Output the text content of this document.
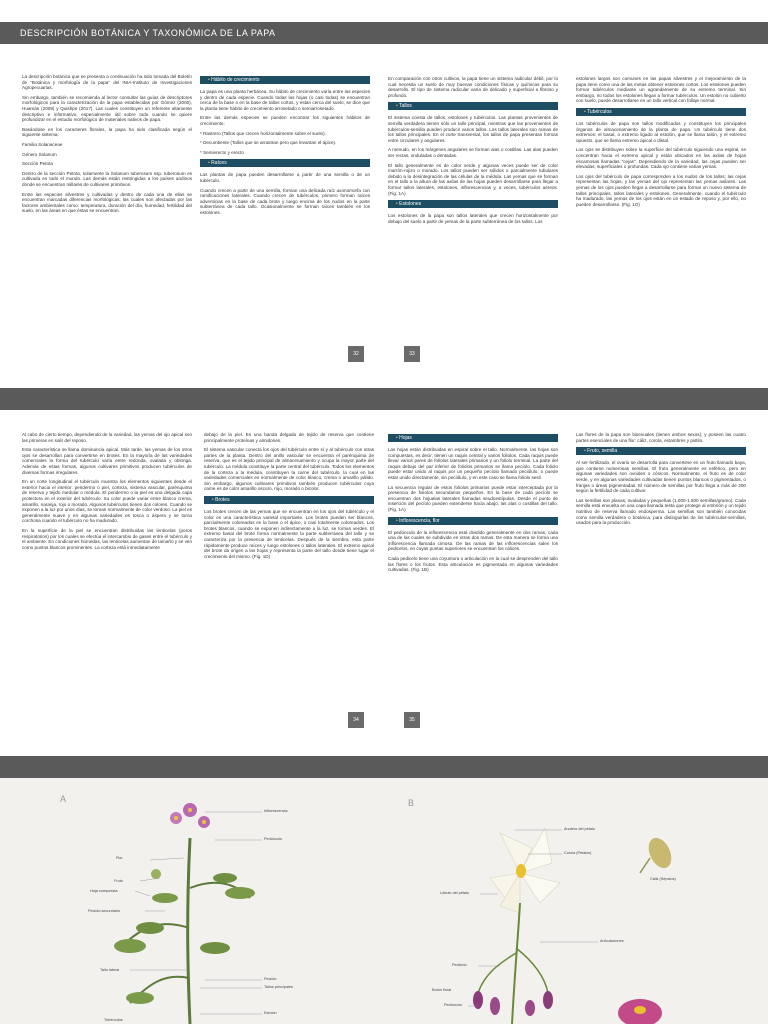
DESCRIPCIÓN BOTÁNICA Y TAXONÓMICA DE LA PAPA

La descripción botánica que se presenta a continuación ha sido tomada del Boletín de "Botánica y morfología de la papa" del INIA-Instituto de Investigaciones Agropecuarias.

Sin embargo, también se recomienda al lector consultar las guías de descriptores morfológicos para la caracterización de la papa establecidas por Gómez (2000), Huamán (2008) y Quishpe (2017). Las cuales constituyen un referente altamente descriptivo e informativo, especialmente útil sobre todo cuando se quiere profundizar en el estudio morfológico de materiales nativos de papa.

Basándose en los caracteres florales, la papa ha sido clasificada según el siguiente sistema:

Familia Solanaceae

Género Solanum

Sección Petota

Dentro de la sección Petota, solamente la Solanum tuberosum ssp. tuberosum es cultivada en todo el mundo. Las demás están restringidas a los países andinos donde se encuentran millares de cultivares primitivos.

Entre las especies silvestres y cultivadas y dentro de cada una de ellas se encuentran marcadas diferencias morfológicas, las cuales son afectadas por las factores ambientales como: temperatura, duración del día, humedad, fertilidad del suelo, en las áreas en que éstas se encuentran.

• Hábito de crecimiento

La papa es una planta herbácea. Su hábito de crecimiento varía entre las especies y dentro de cada especie. Cuando todas las hojas (o casi todas) se encuentran cerca de la base o en la base de tallos cortos, y están cerca del suelo, se dice que la planta tiene hábito de crecimiento arrosetado o semiarrosetado.

Entre las demás especies se pueden encontrar los siguientes hábitos de crecimiento:

* Rastrero (Tallos que crecen horizontalmente sobre el suelo).

* Decumbente (Tallos que se arrastran pero que levantan el ápice).

* Semierecto y erecto

• Raíces

Las plantas de papa pueden desarrollarse a partir de una semilla o de un tubérculo.

Cuando crecen a partir de una semilla, forman una delicada raíz axonomorfa con ramificaciones laterales. Cuando crecen de tubérculos, primero forman raíces adventicias en la base de cada brote y luego encima de los nudos en la parte subterránea de cada tallo. Ocasionalmente se forman raíces también en los estolones.

En comparación con otros cultivos, la papa tiene un sistema radicular débil, por lo cual necesita un suelo de muy buenas condiciones físicas y químicas para su desarrollo. El tipo de sistema radicular varía de delicado y superficial a fibroso y profundo.

• Tallos

El sistema consta de tallos, estolones y tubérculos. Las plantas provenientes de semilla verdadera tienen sólo un tallo principal, mientras que las provenientes de tubérculos-semilla pueden producir varios tallos. Los tallos laterales son ramas de los tallos principales. En el corte transversal, los tallos de papa presentan formas entre circulares y angulares.

A menudo, en los márgenes angulares se forman alas o costillas. Las alas pueden ser rectas, onduladas o dentadas.

El tallo generalmente es de color verde y algunas veces puede ser de color marrón-rojizo o morado. Los tallos pueden ser sólidos o parcialmente tubulares debido a la desintegración de las células de la médula. Las yemas que se forman en el tallo a la altura de las axilas de las hojas pueden desarrollarse para llegar a formar tallos laterales, estolones, inflorescencias y, a veces, tubérculos aéreos. (Fig. 1A)

• Estolones

Los estolones de la papa son tallos laterales que crecen horizontalmente por debajo del suelo a partir de yemas de la parte subterránea de los tallos. Los

estolones largos son comunes en las papas silvestres y el mejoramiento de la papa tiene como una de las metas obtener estolones cortos. Los estolones pueden formar tubérculos mediante un agrandamiento de su extremo terminal. Sin embargo, no todos los estolones llegan a formar tubérculos. Un estolón no cubierto con suelo, puede desarrollarse en un tallo vertical con follaje normal.

• Tubérculos

Los tubérculos de papa son tallos modificados y constituyen los principales órganos de almacenamiento de la planta de papa. Un tubérculo tiene dos extremos: el basal, o extremo ligado al estolón, que se llama talón, y el extremo opuesto, que se llama extremo apical o distal.

Los ojos se distribuyen sobre la superficie del tubérculo siguiendo una espiral, se concentran hacia el extremo apical y están ubicados en las axilas de hojas escamosas llamadas "cejas". Dependiendo de la variedad, las cejas pueden ser elevadas, superficiales o profundas. Cada ojo contiene varias yemas.

Los ojos del tubérculo de papa corresponden a los nudos de los tallos; las cejas representan las hojas, y las yemas del ojo representan las yemas axilares. Las yemas de los ojos pueden llegar a desarrollarse para formar un nuevo sistema de tallos principales, tallos laterales y estolones. Generalmente, cuando el tubérculo ha madurado, las yemas de los ojos están en un estado de reposo y, por ello, no pueden desarrollarse. (Fig. 1O)

32	33

Al cabo de cierto tiempo, dependiendo de la variedad, las yemas del ojo apical son las primeras en salir del reposo.

Esta característica se llama dominancia apical. Más tarde, las yemas de los otros ojos se desarrollan para convertirse en brotes. En la mayoría de las variedades comerciales la forma del tubérculo varía entre redonda, ovalada y oblonga. Además de estas formas, algunos cultivares primitivos producen tubérculos de diversas formas irregulares.

En un corte longitudinal el tubérculo muestra los elementos siguientes desde el exterior hacia el interior: peridermo o piel, corteza, sistema vascular, parénquima de reserva y tejido medular o médula. El peridermo o la piel es una delgada capa protectora en el exterior del tubérculo. Su color puede variar entre blanco crema, amarillo, naranja, rojo o morado. Algunos tubérculos tienen dos colores. Cuando se exponen a la luz por unos días, se tornan normalmente de color verdoso. La piel es generalmente suave y en algunas variedades es tosca o áspera y se torna corchosa cuando el tubérculo no ha madurado.

En la superficie de la piel se encuentran distribuidas las lenticelas (poros respiratorios) por los cuales se efectúa el intercambio de gases entre el tubérculo y el ambiente. En condiciones húmedas, las lenticelas aumentan de tamaño y se ven como puntos blancos prominentes. La corteza está inmediatamente

debajo de la piel. Es una banda delgada de tejido de reserva que contiene principalmente proteínas y almidones.

El sistema vascular conecta los ojos del tubérculo entre sí y al tubérculo con otras partes de la planta. Dentro del anillo vascular se encuentra el parénquima de reserva, que es el tejido principal de almacenamiento y ocupa la mayor parte del tubérculo. La médula constituye la parte central del tubérculo. Todos los elementos de la corteza a la médula, constituyen la carne del tubérculo, la cual en las variedades comerciales es normalmente de color blanco, crema o amarillo pálido. Sin embargo, algunos cultivares primitivos también producen tubérculos cuya carne es de color amarillo oscuro, rojo, morado o bicolor.

• Brotes

Los brotes crecen de las yemas que se encuentran en los ojos del tubérculo y el color es una característica varietal importante. Los brotes pueden ser blancos, parcialmente coloreados en la base o el ápice, o casi totalmente coloreados. Los brotes blancos, cuando se exponen indirectamente a la luz, se tornan verdes. El extremo basal del brote forma normalmente la parte subterránea del tallo y se caracteriza por la presencia de lenticelas. Después de la siembra, esta parte rápidamente produce raíces y luego estolones o tallos laterales. El extremo apical del brote da origen a las hojas y representa la parte del tallo donde tiene lugar el crecimiento del mismo. (Fig. 1D)

• Hojas

Las hojas están distribuidas en espiral sobre el tallo. Normalmente, las hojas son compuestas, es decir, tienen un raquis central y varios foliolos. Cada raquis puede llevar varios pares de foliolos laterales primarios y un foliolo terminal. La parte del raquis debajo del par inferior de foliolos primarios se llama pecíolo. Cada foliolo puede estar unido al raquis por un pequeño pecíolo llamado peciólulo, o puede estar unido directamente, sin peciólulo, y en este caso se llama foliolo sesil.

La secuencia regular de estos foliolos primarios puede estar interceptada por la presencia de foliolos secundarios pequeños. En la base de cada pecíolo se encuentran dos hojuelas laterales llamadas seudoestípulas. Desde el punto de inserción del pecíolo pueden extenderse hacia abajo, las alas o costillas del tallo. (Fig. 1A)

• Inflorescencia, flor

El pedúnculo de la inflorescencia está dividido generalmente en dos ramas, cada una de las cuales se subdivide en otras dos ramas. De esta manera se forma una inflorescencia llamada cimosa. De las ramas de las inflorescencias salen los pedicelos, en cuyas puntas superiores se encuentran los cálices.

Cada pedicelo tiene una coyuntura o articulación en la cual se desprenden del tallo las flores o los frutos. Esta articulación es pigmentada en algunas variedades cultivadas. (Fig. 1B)

Las flores de la papa son bisexuales (tienen ambos sexos), y poseen las cuatro partes esenciales de una flor: cáliz, corola, estambres y pistilo.

• Fruto, semilla

Al ser fertilizado, el ovario se desarrolla para convertirse en un fruto llamado baya, que contiene numerosas semillas. El fruto generalmente es esférico, pero en algunas variedades son ovoides o cónicos. Normalmente, el fruto es de color verde, y en algunas variedades cultivadas tienen puntos blancos o pigmentados, o franjas o áreas pigmentadas. El número de semillas por fruto llega a más de 200 según la fertilidad de cada cultivar.

Las semillas son planas, ovaladas y pequeñas (1.000-1.500 semillas/gramo). Cada semilla está envuelta en una capa llamada testa que protege al embrión y un tejido nutritivo de reserva llamado endosperma. Las semillas son también conocidas como semilla verdadera o botánica, para distinguirlas de los tubérculos-semillas, usados para la producción.

34	35
A	B
Inflorescencia
Flor
Pedúnculo
Fruto
Hoja compuesta
Peciolo secundario
Tallo lateral
Peciolo
Tallos principales
Estolón
Tubérculos
Anutero del pétalo
Corola (Pétalos)
Cáliz (Sépalos)
Lóbulo del pétalo
Articulaciones
Pedicelo
Botón floral
Pedúnculo
